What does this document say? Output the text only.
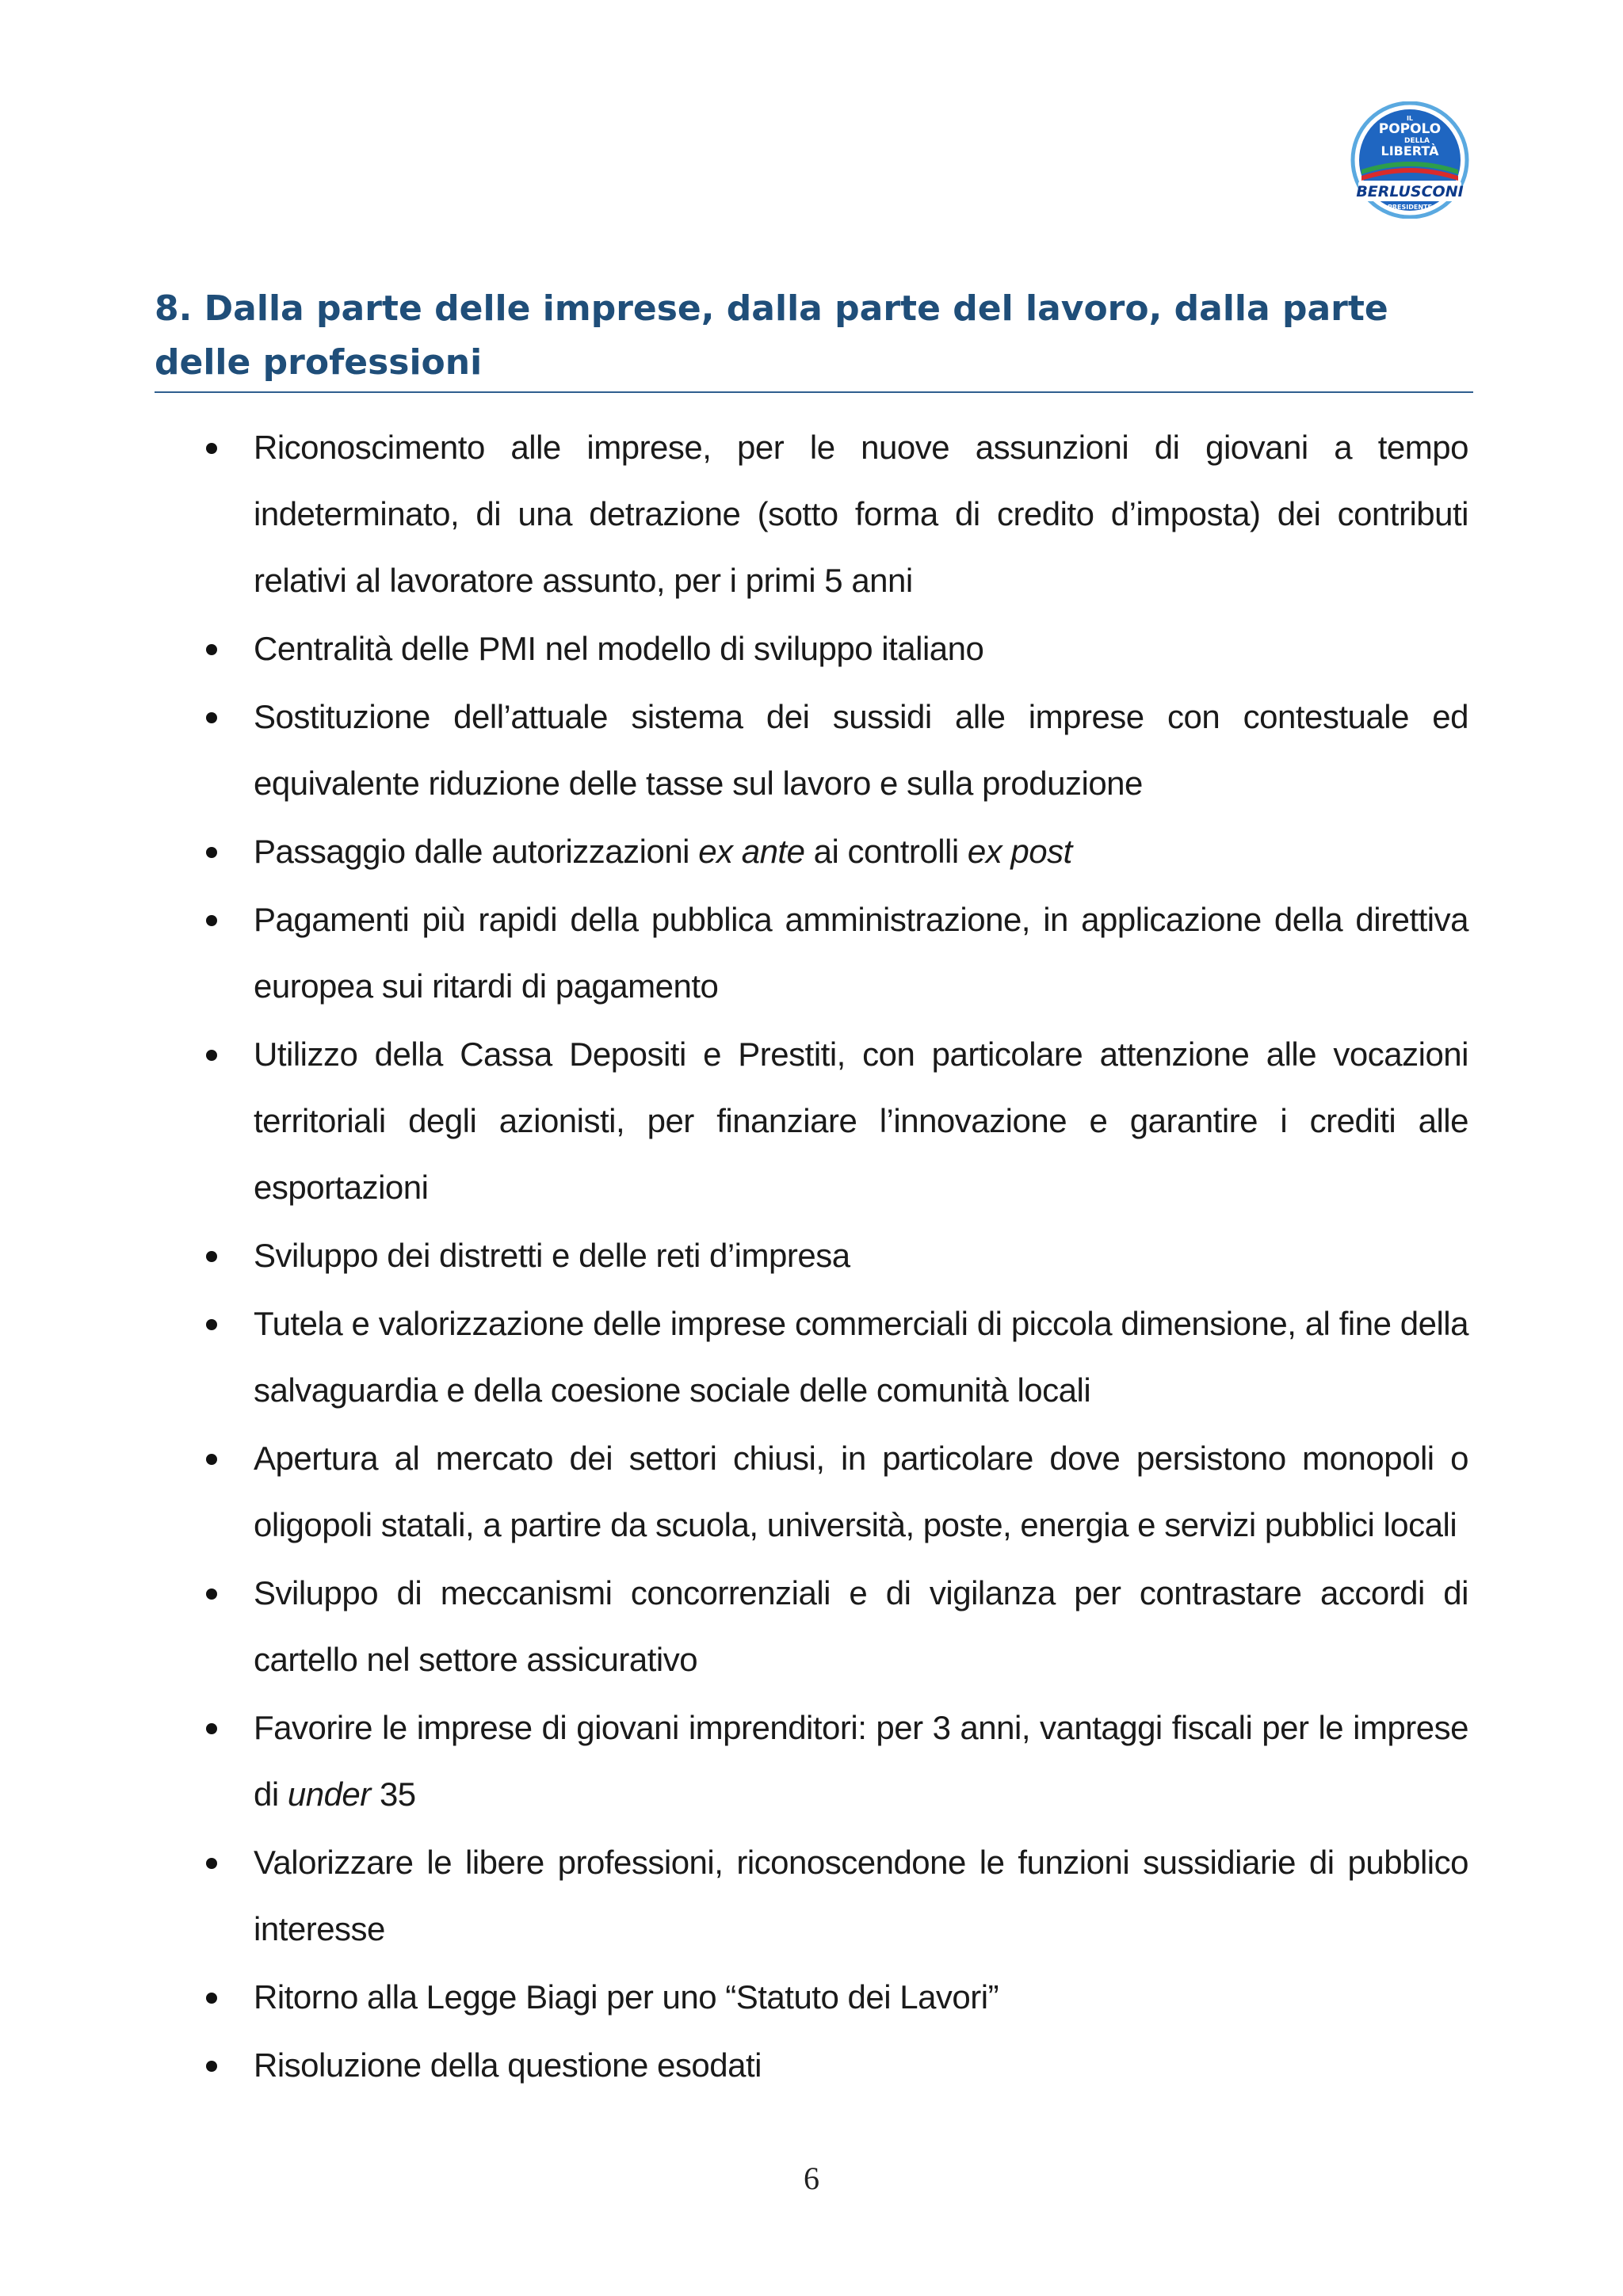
IL
POPOLO
DELLA
LIBERTÀ
BERLUSCONI
PRESIDENTE
8. Dalla parte delle imprese, dalla parte del lavoro, dalla parte delle professioni
Riconoscimento alle imprese, per le nuove assunzioni di giovani a tempo indeterminato, di una detrazione (sotto forma di credito d’imposta) dei contributi relativi al lavoratore assunto, per i primi 5 anni
Centralità delle PMI nel modello di sviluppo italiano
Sostituzione dell’attuale sistema dei sussidi alle imprese con contestuale ed equivalente riduzione delle tasse sul lavoro e sulla produzione
Passaggio dalle autorizzazioni ex ante ai controlli ex post
Pagamenti più rapidi della pubblica amministrazione, in applicazione della direttiva europea sui ritardi di pagamento
Utilizzo della Cassa Depositi e Prestiti, con particolare attenzione alle vocazioni territoriali degli azionisti, per finanziare l’innovazione e garantire i crediti alle esportazioni
Sviluppo dei distretti e delle reti d’impresa
Tutela e valorizzazione delle imprese commerciali di piccola dimensione, al fine della salvaguardia e della coesione sociale delle comunità locali
Apertura al mercato dei settori chiusi, in particolare dove persistono monopoli o oligopoli statali, a partire da scuola, università, poste, energia e servizi pubblici locali
Sviluppo di meccanismi concorrenziali e di vigilanza per contrastare accordi di cartello nel settore assicurativo
Favorire le imprese di giovani imprenditori: per 3 anni, vantaggi fiscali per le imprese di under 35
Valorizzare le libere professioni, riconoscendone le funzioni sussidiarie di pubblico interesse
Ritorno alla Legge Biagi per uno “Statuto dei Lavori”
Risoluzione della questione esodati
6
